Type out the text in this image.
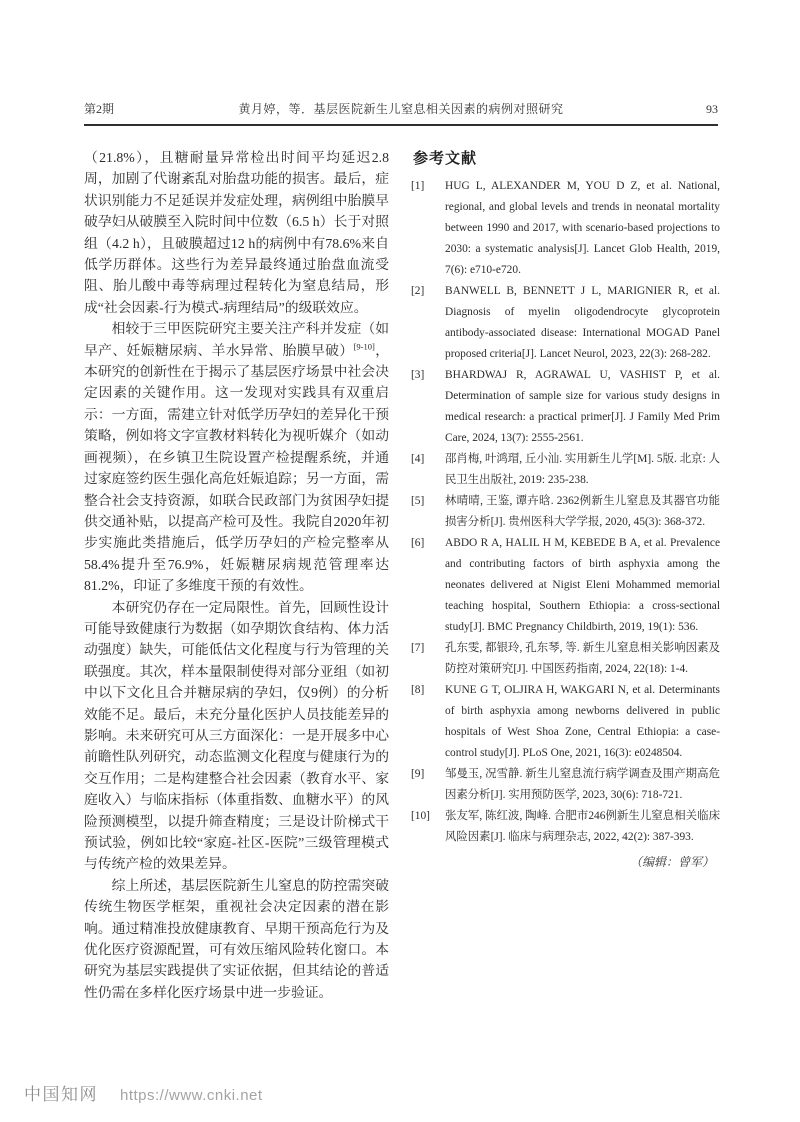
第2期	黄月婷，等．基层医院新生儿窒息相关因素的病例对照研究	93

（21.8%），且糖耐量异常检出时间平均延迟2.8周，加剧了代谢紊乱对胎盘功能的损害。最后，症状识别能力不足延误并发症处理，病例组中胎膜早破孕妇从破膜至入院时间中位数（6.5 h）长于对照组（4.2 h），且破膜超过12 h的病例中有78.6%来自低学历群体。这些行为差异最终通过胎盘血流受阻、胎儿酸中毒等病理过程转化为窒息结局，形成“社会因素-行为模式-病理结局”的级联效应。

相较于三甲医院研究主要关注产科并发症（如早产、妊娠糖尿病、羊水异常、胎膜早破）[9-10]，本研究的创新性在于揭示了基层医疗场景中社会决定因素的关键作用。这一发现对实践具有双重启示：一方面，需建立针对低学历孕妇的差异化干预策略，例如将文字宣教材料转化为视听媒介（如动画视频），在乡镇卫生院设置产检提醒系统，并通过家庭签约医生强化高危妊娠追踪；另一方面，需整合社会支持资源，如联合民政部门为贫困孕妇提供交通补贴，以提高产检可及性。我院自2020年初步实施此类措施后，低学历孕妇的产检完整率从58.4%提升至76.9%，妊娠糖尿病规范管理率达81.2%，印证了多维度干预的有效性。

本研究仍存在一定局限性。首先，回顾性设计可能导致健康行为数据（如孕期饮食结构、体力活动强度）缺失，可能低估文化程度与行为管理的关联强度。其次，样本量限制使得对部分亚组（如初中以下文化且合并糖尿病的孕妇，仅9例）的分析效能不足。最后，未充分量化医护人员技能差异的影响。未来研究可从三方面深化：一是开展多中心前瞻性队列研究，动态监测文化程度与健康行为的交互作用；二是构建整合社会因素（教育水平、家庭收入）与临床指标（体重指数、血糖水平）的风险预测模型，以提升筛查精度；三是设计阶梯式干预试验，例如比较“家庭-社区-医院”三级管理模式与传统产检的效果差异。

综上所述，基层医院新生儿窒息的防控需突破传统生物医学框架，重视社会决定因素的潜在影响。通过精准投放健康教育、早期干预高危行为及优化医疗资源配置，可有效压缩风险转化窗口。本研究为基层实践提供了实证依据，但其结论的普适性仍需在多样化医疗场景中进一步验证。

参考文献
[1]	HUG L, ALEXANDER M, YOU D Z, et al. National, regional, and global levels and trends in neonatal mortality between 1990 and 2017, with scenario-based projections to 2030: a systematic analysis[J]. Lancet Glob Health, 2019, 7(6): e710-e720.
[2]	BANWELL B, BENNETT J L, MARIGNIER R, et al. Diagnosis of myelin oligodendrocyte glycoprotein antibody-associated disease: International MOGAD Panel proposed criteria[J]. Lancet Neurol, 2023, 22(3): 268-282.
[3]	BHARDWAJ R, AGRAWAL U, VASHIST P, et al. Determination of sample size for various study designs in medical research: a practical primer[J]. J Family Med Prim Care, 2024, 13(7): 2555-2561.
[4]	邵肖梅, 叶鸿瑁, 丘小汕. 实用新生儿学[M]. 5版. 北京: 人民卫生出版社, 2019: 235-238.
[5]	林晴晴, 王鉴, 谭卉晗. 2362例新生儿窒息及其器官功能损害分析[J]. 贵州医科大学学报, 2020, 45(3): 368-372.
[6]	ABDO R A, HALIL H M, KEBEDE B A, et al. Prevalence and contributing factors of birth asphyxia among the neonates delivered at Nigist Eleni Mohammed memorial teaching hospital, Southern Ethiopia: a cross-sectional study[J]. BMC Pregnancy Childbirth, 2019, 19(1): 536.
[7]	孔东雯, 都银玲, 孔东琴, 等. 新生儿窒息相关影响因素及防控对策研究[J]. 中国医药指南, 2024, 22(18): 1-4.
[8]	KUNE G T, OLJIRA H, WAKGARI N, et al. Determinants of birth asphyxia among newborns delivered in public hospitals of West Shoa Zone, Central Ethiopia: a case-control study[J]. PLoS One, 2021, 16(3): e0248504.
[9]	邹曼玉, 况雪静. 新生儿窒息流行病学调查及围产期高危因素分析[J]. 实用预防医学, 2023, 30(6): 718-721.
[10]	张友军, 陈红波, 陶峰. 合肥市246例新生儿窒息相关临床风险因素[J]. 临床与病理杂志, 2022, 42(2): 387-393.
（编辑：曾军）
中国知网 https://www.cnki.net
